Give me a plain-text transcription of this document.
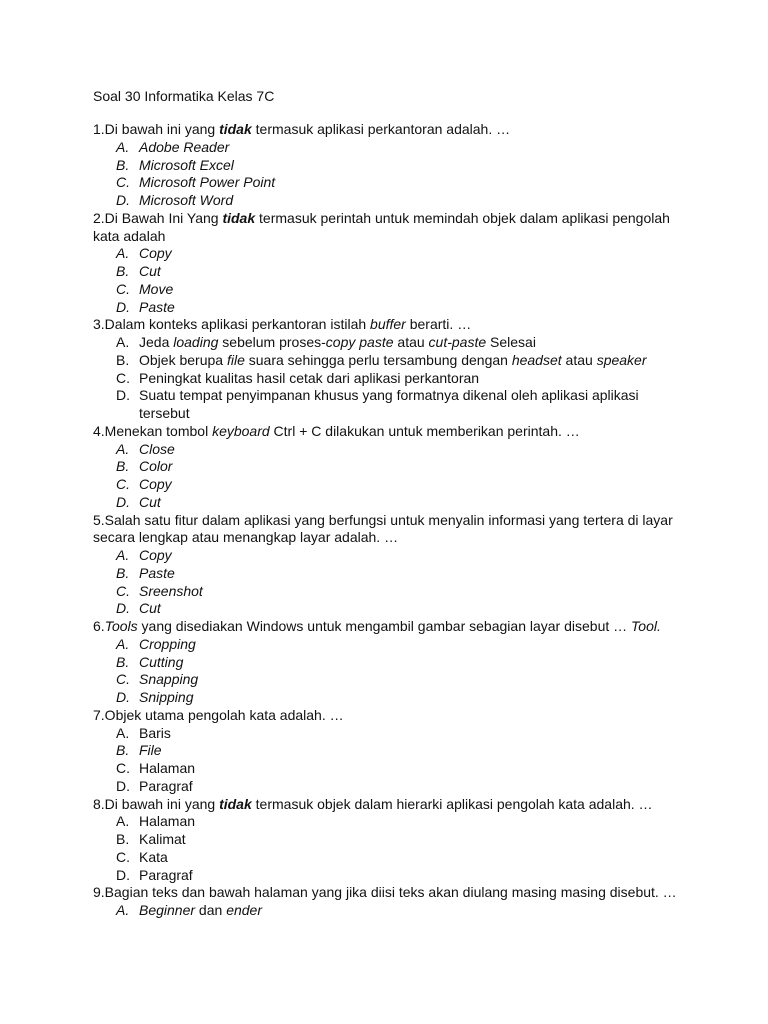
Soal 30 Informatika Kelas 7C
1.Di bawah ini yang tidak termasuk aplikasi perkantoran adalah. …
A. Adobe Reader
B. Microsoft Excel
C. Microsoft Power Point
D. Microsoft Word
2.Di Bawah Ini Yang tidak termasuk perintah untuk memindah objek dalam aplikasi pengolah kata adalah
A. Copy
B. Cut
C. Move
D. Paste
3.Dalam konteks aplikasi perkantoran istilah buffer berarti. …
A. Jeda loading sebelum proses-copy paste atau cut-paste Selesai
B. Objek berupa file suara sehingga perlu tersambung dengan headset atau speaker
C. Peningkat kualitas hasil cetak dari aplikasi perkantoran
D. Suatu tempat penyimpanan khusus yang formatnya dikenal oleh aplikasi aplikasi tersebut
4.Menekan tombol keyboard Ctrl + C dilakukan untuk memberikan perintah. …
A. Close
B. Color
C. Copy
D. Cut
5.Salah satu fitur dalam aplikasi yang berfungsi untuk menyalin informasi yang tertera di layar secara lengkap atau menangkap layar adalah. …
A. Copy
B. Paste
C. Sreenshot
D. Cut
6.Tools yang disediakan Windows untuk mengambil gambar sebagian layar disebut … Tool.
A. Cropping
B. Cutting
C. Snapping
D. Snipping
7.Objek utama pengolah kata adalah. …
A. Baris
B. File
C. Halaman
D. Paragraf
8.Di bawah ini yang tidak termasuk objek dalam hierarki aplikasi pengolah kata adalah. …
A. Halaman
B. Kalimat
C. Kata
D. Paragraf
9.Bagian teks dan bawah halaman yang jika diisi teks akan diulang masing masing disebut. …
A. Beginner dan ender
